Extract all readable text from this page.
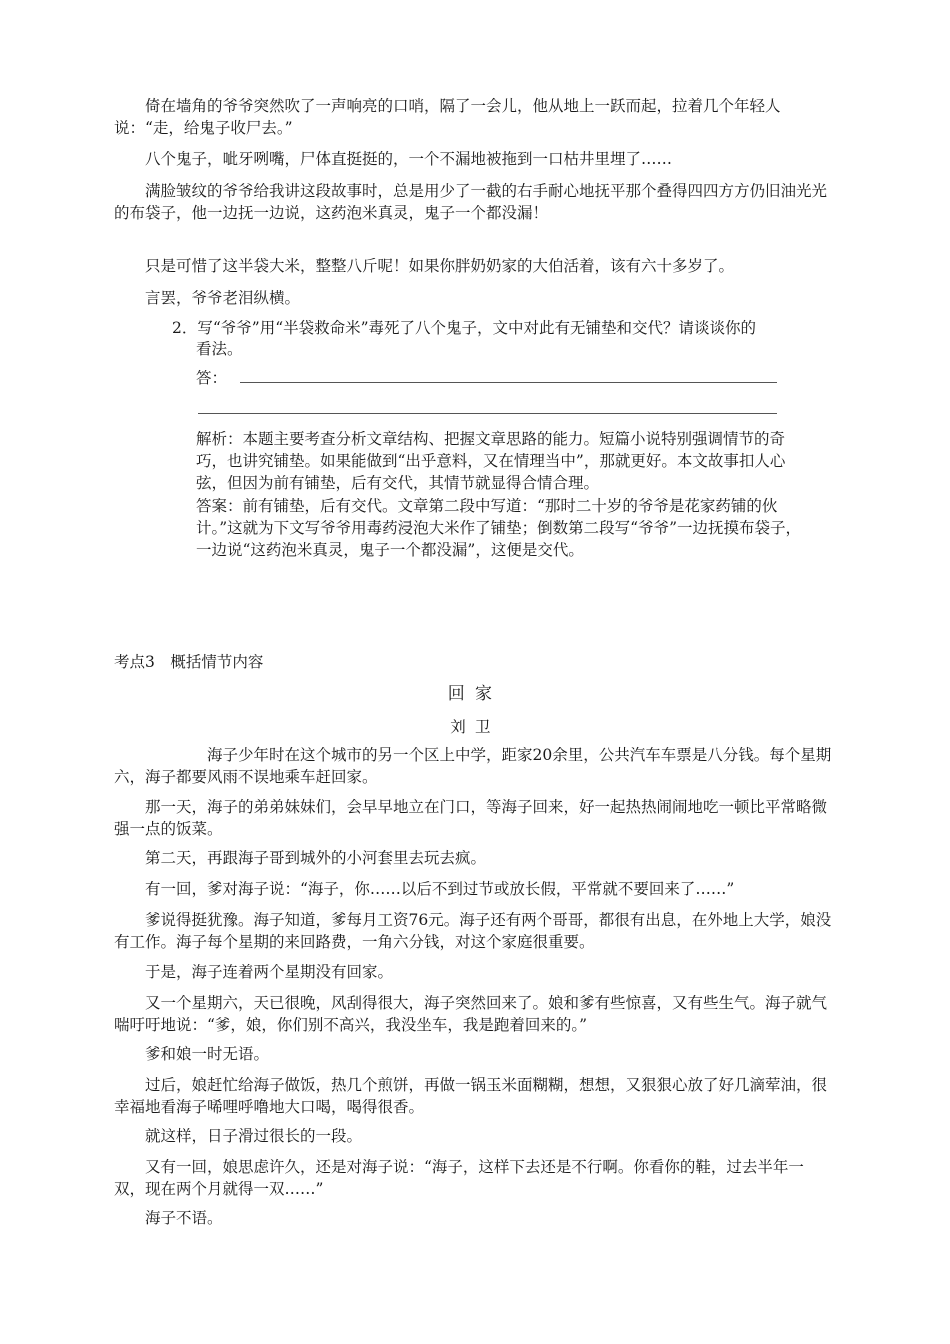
倚在墙角的爷爷突然吹了一声响亮的口哨，隔了一会儿，他从地上一跃而起，拉着几个年轻人说：“走，给鬼子收尸去。”

八个鬼子，呲牙咧嘴，尸体直挺挺的，一个不漏地被拖到一口枯井里埋了……

满脸皱纹的爷爷给我讲这段故事时，总是用少了一截的右手耐心地抚平那个叠得四四方方仍旧油光光的布袋子，他一边抚一边说，这药泡米真灵，鬼子一个都没漏！

只是可惜了这半袋大米，整整八斤呢！如果你胖奶奶家的大伯活着，该有六十多岁了。

言罢，爷爷老泪纵横。

2．写“爷爷”用“半袋救命米”毒死了八个鬼子，文中对此有无铺垫和交代？请谈谈你的

看法。

答：

解析：本题主要考查分析文章结构、把握文章思路的能力。短篇小说特别强调情节的奇巧，也讲究铺垫。如果能做到“出乎意料，又在情理当中”，那就更好。本文故事扣人心弦，但因为前有铺垫，后有交代，其情节就显得合情合理。

答案：前有铺垫，后有交代。文章第二段中写道：“那时二十岁的爷爷是花家药铺的伙计。”这就为下文写爷爷用毒药浸泡大米作了铺垫；倒数第二段写“爷爷”一边抚摸布袋子，一边说“这药泡米真灵，鬼子一个都没漏”，这便是交代。

考点3　概括情节内容

回家

刘卫

海子少年时在这个城市的另一个区上中学，距家20余里，公共汽车车票是八分钱。每个星期六，海子都要风雨不误地乘车赶回家。

那一天，海子的弟弟妹妹们，会早早地立在门口，等海子回来，好一起热热闹闹地吃一顿比平常略微强一点的饭菜。

第二天，再跟海子哥到城外的小河套里去玩去疯。

有一回，爹对海子说：“海子，你……以后不到过节或放长假，平常就不要回来了……”

爹说得挺犹豫。海子知道，爹每月工资76元。海子还有两个哥哥，都很有出息，在外地上大学，娘没有工作。海子每个星期的来回路费，一角六分钱，对这个家庭很重要。

于是，海子连着两个星期没有回家。

又一个星期六，天已很晚，风刮得很大，海子突然回来了。娘和爹有些惊喜，又有些生气。海子就气喘吁吁地说：“爹，娘，你们别不高兴，我没坐车，我是跑着回来的。”

爹和娘一时无语。

过后，娘赶忙给海子做饭，热几个煎饼，再做一锅玉米面糊糊，想想，又狠狠心放了好几滴荤油，很幸福地看海子唏哩呼噜地大口喝，喝得很香。

就这样，日子滑过很长的一段。

又有一回，娘思虑许久，还是对海子说：“海子，这样下去还是不行啊。你看你的鞋，过去半年一双，现在两个月就得一双……”

海子不语。
